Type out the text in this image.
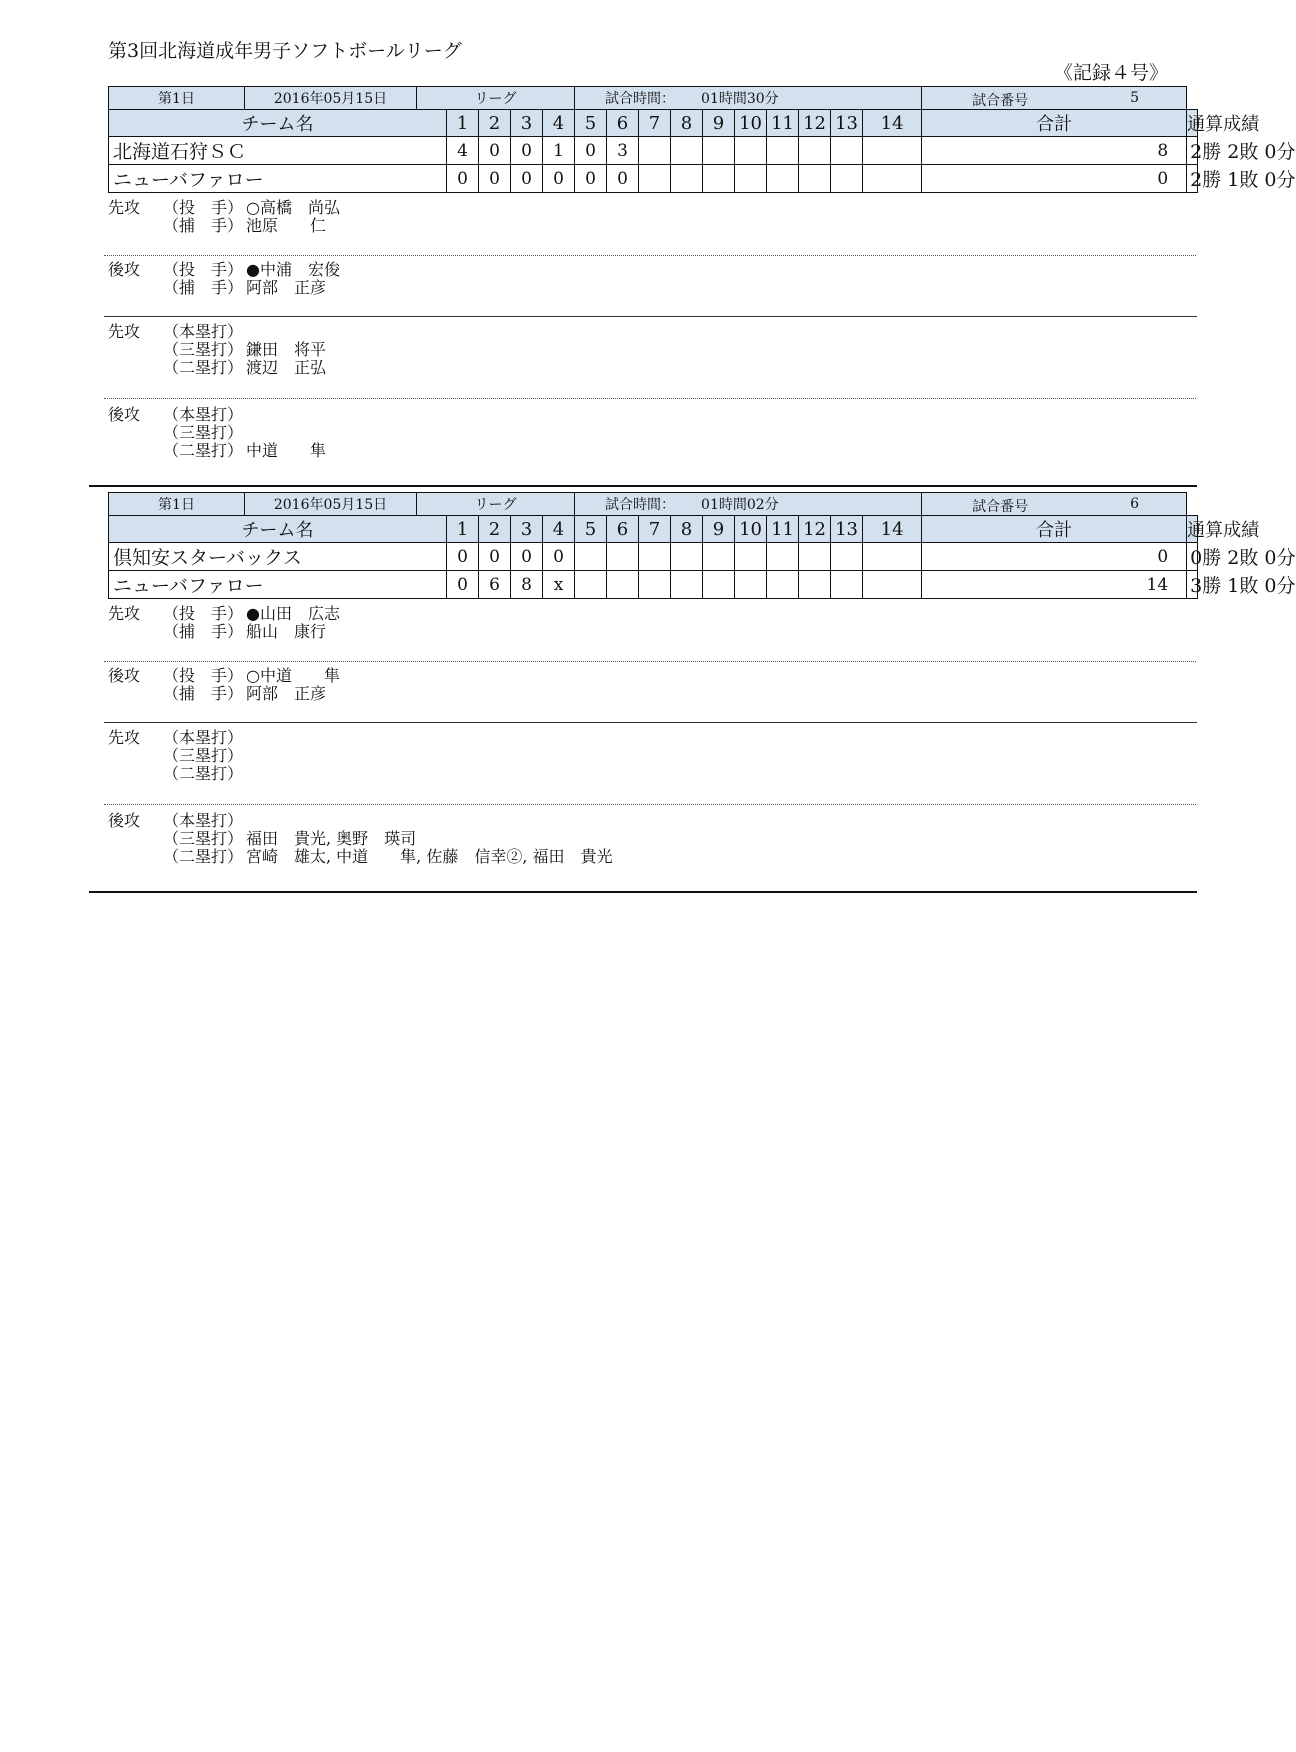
第3回北海道成年男子ソフトボールリーグ
《記録４号》
第1日	2016年05月15日	リーグ					試合時間： 01時間30分										試合番号 5	

チーム名			1	2	3	4	5	6	7	8	9	10	11	12	13	14	合計	通算成績
北海道石狩ＳＣ			4	0	0	1	0	3									8	2勝 2敗 0分
ニューバファロー			0	0	0	0	0	0									0	2勝 1敗 0分
先攻 （投　手） ○高橋　尚弘
（捕　手） 池原　　仁
後攻 （投　手） ●中浦　宏俊
（捕　手） 阿部　正彦
先攻 （本塁打）
（三塁打） 鎌田　将平
（二塁打） 渡辺　正弘
後攻 （本塁打）
（三塁打）
（二塁打） 中道　　隼
第1日	2016年05月15日	リーグ					試合時間： 01時間02分										試合番号 6	

チーム名			1	2	3	4	5	6	7	8	9	10	11	12	13	14	合計	通算成績
倶知安スターバックス			0	0	0	0											0	0勝 2敗 0分
ニューバファロー			0	6	8	x											14	3勝 1敗 0分
先攻 （投　手） ●山田　広志
（捕　手） 船山　康行
後攻 （投　手） ○中道　　隼
（捕　手） 阿部　正彦
先攻 （本塁打）
（三塁打）
（二塁打）
後攻 （本塁打）
（三塁打） 福田　貴光, 奥野　瑛司
（二塁打） 宮崎　雄太, 中道　　隼, 佐藤　信幸②, 福田　貴光
